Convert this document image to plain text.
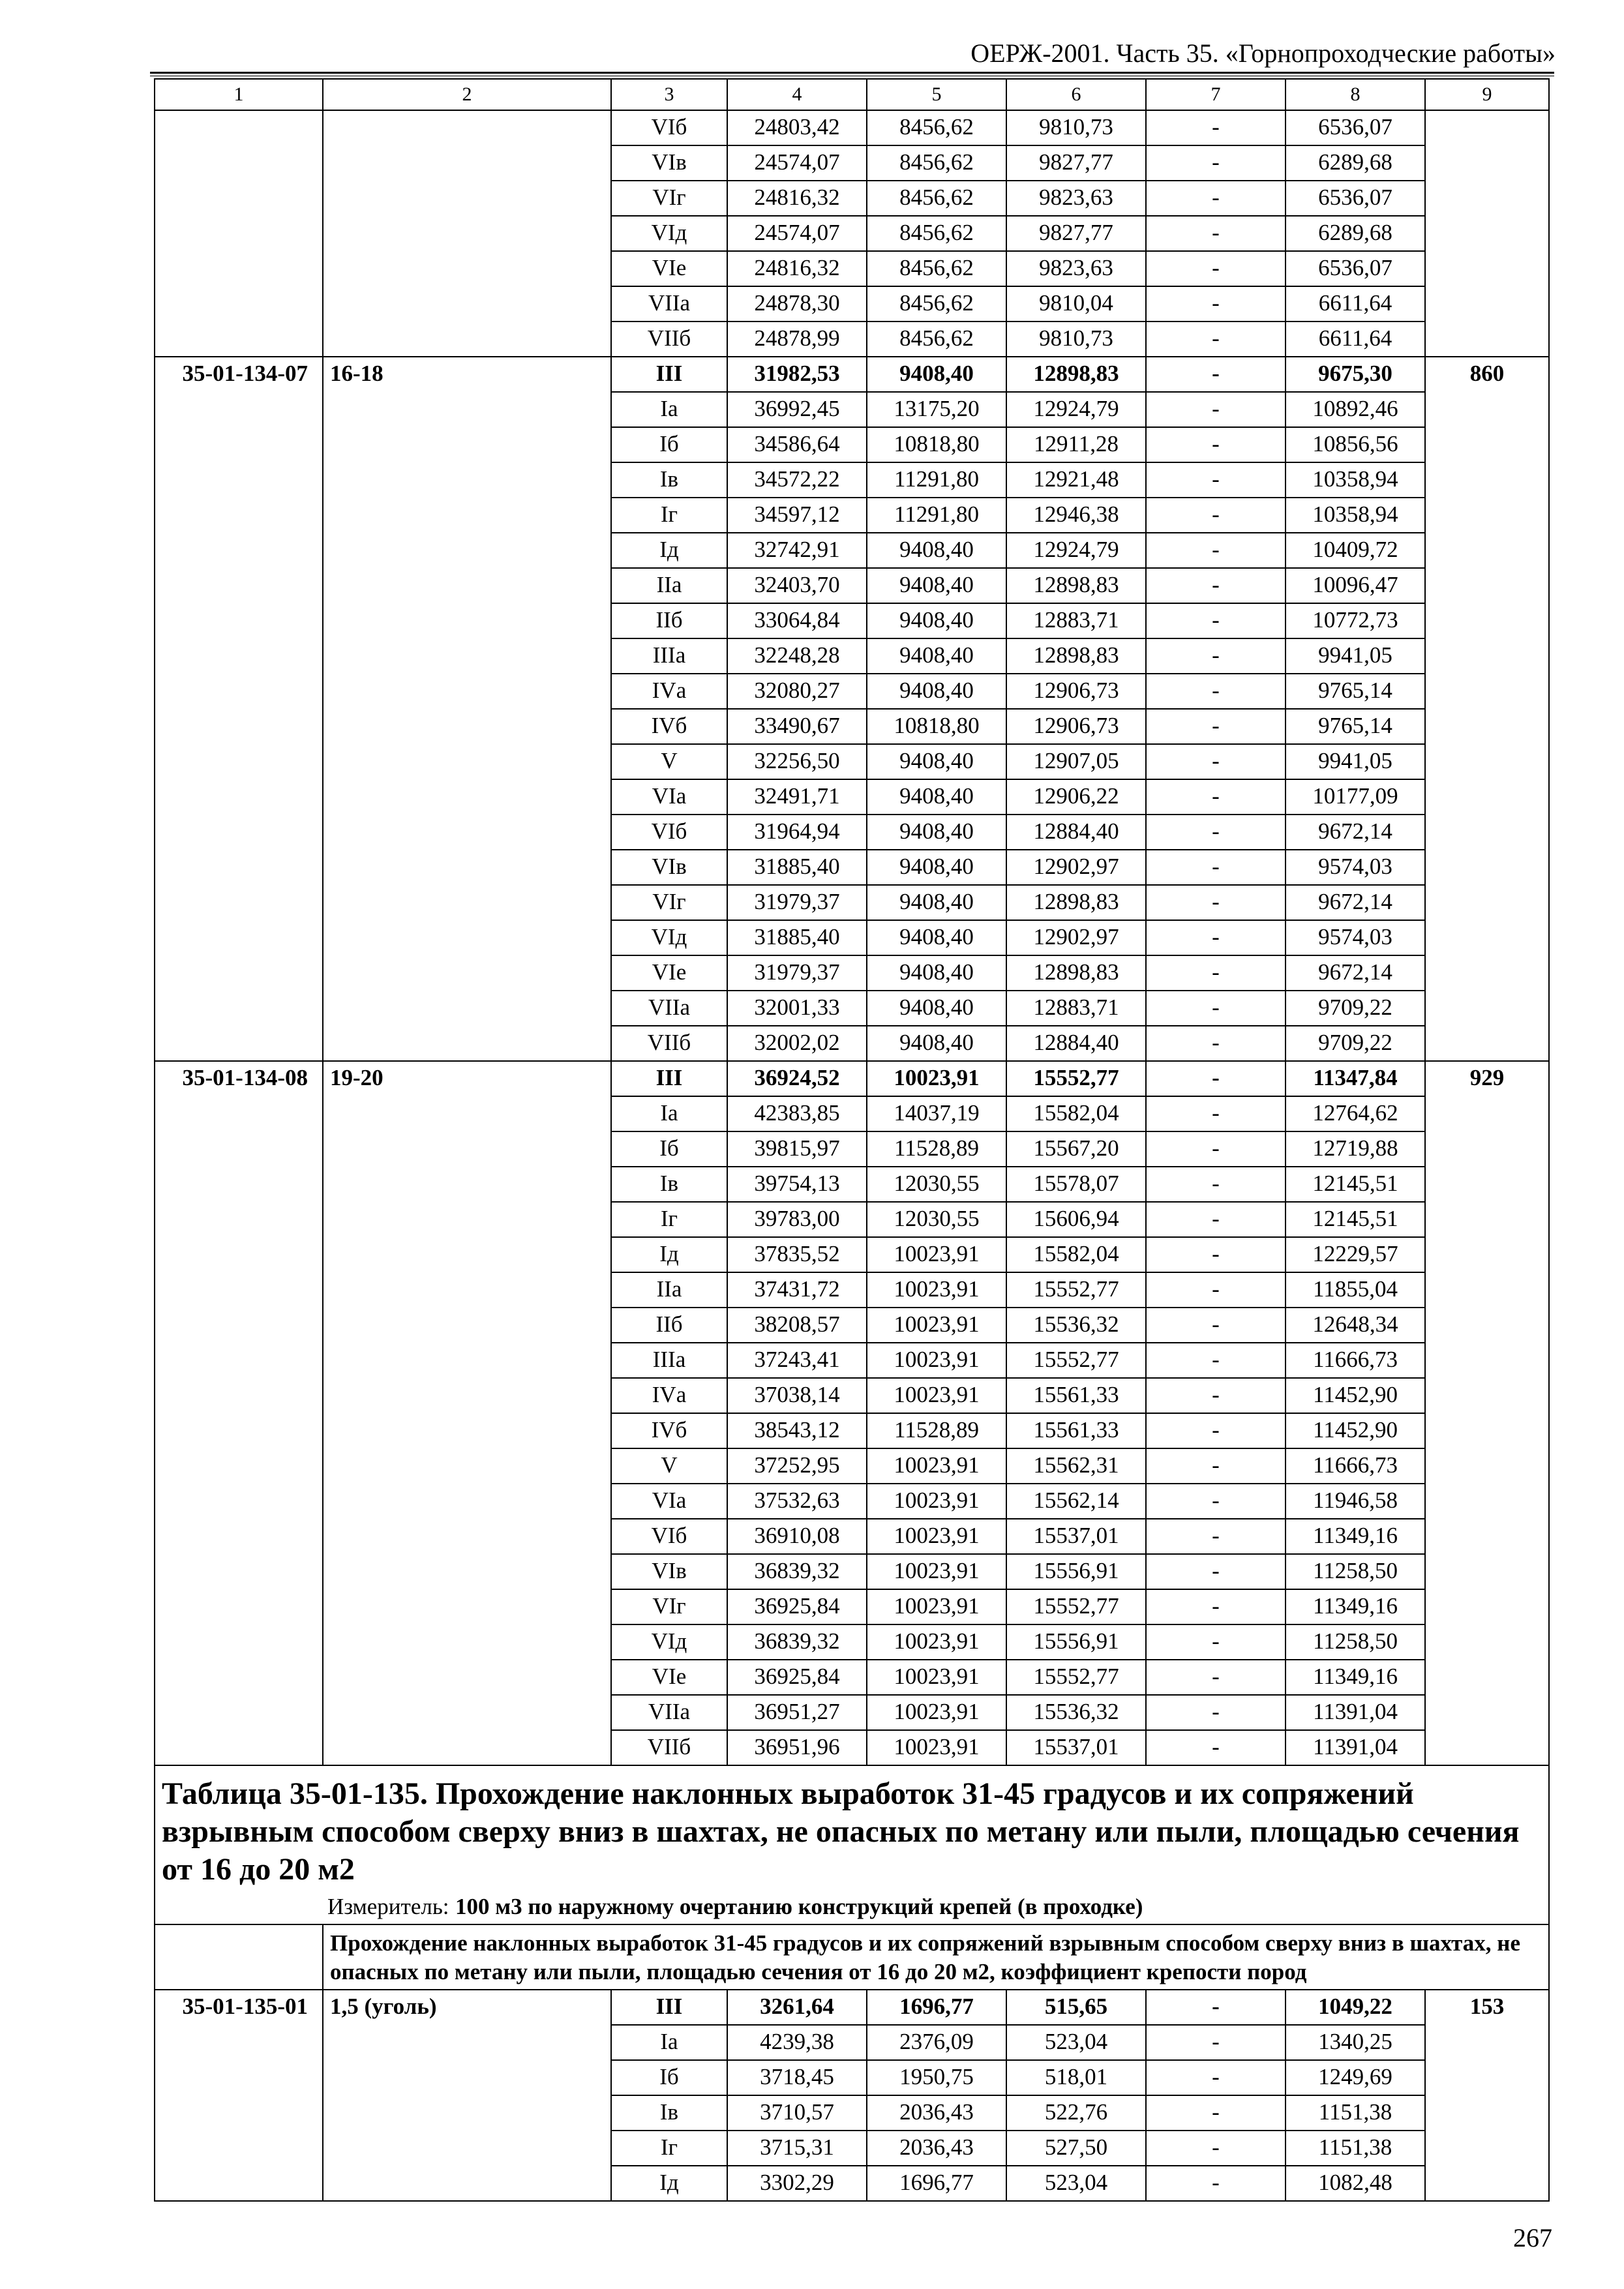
ОЕРЖ-2001. Часть 35. «Горнопроходческие работы»
1	2	3	4	5	6	7	8	9
		VIб	24803,42	8456,62	9810,73	-	6536,07	
		VIв	24574,07	8456,62	9827,77	-	6289,68	
		VIг	24816,32	8456,62	9823,63	-	6536,07	
		VIд	24574,07	8456,62	9827,77	-	6289,68	
		VIе	24816,32	8456,62	9823,63	-	6536,07	
		VIIа	24878,30	8456,62	9810,04	-	6611,64	
		VIIб	24878,99	8456,62	9810,73	-	6611,64	
35-01-134-07	16-18	III	31982,53	9408,40	12898,83	-	9675,30	860
		Iа	36992,45	13175,20	12924,79	-	10892,46	
		Iб	34586,64	10818,80	12911,28	-	10856,56	
		Iв	34572,22	11291,80	12921,48	-	10358,94	
		Iг	34597,12	11291,80	12946,38	-	10358,94	
		Iд	32742,91	9408,40	12924,79	-	10409,72	
		IIа	32403,70	9408,40	12898,83	-	10096,47	
		IIб	33064,84	9408,40	12883,71	-	10772,73	
		IIIа	32248,28	9408,40	12898,83	-	9941,05	
		IVа	32080,27	9408,40	12906,73	-	9765,14	
		IVб	33490,67	10818,80	12906,73	-	9765,14	
		V	32256,50	9408,40	12907,05	-	9941,05	
		VIа	32491,71	9408,40	12906,22	-	10177,09	
		VIб	31964,94	9408,40	12884,40	-	9672,14	
		VIв	31885,40	9408,40	12902,97	-	9574,03	
		VIг	31979,37	9408,40	12898,83	-	9672,14	
		VIд	31885,40	9408,40	12902,97	-	9574,03	
		VIе	31979,37	9408,40	12898,83	-	9672,14	
		VIIа	32001,33	9408,40	12883,71	-	9709,22	
		VIIб	32002,02	9408,40	12884,40	-	9709,22	
35-01-134-08	19-20	III	36924,52	10023,91	15552,77	-	11347,84	929
		Iа	42383,85	14037,19	15582,04	-	12764,62	
		Iб	39815,97	11528,89	15567,20	-	12719,88	
		Iв	39754,13	12030,55	15578,07	-	12145,51	
		Iг	39783,00	12030,55	15606,94	-	12145,51	
		Iд	37835,52	10023,91	15582,04	-	12229,57	
		IIа	37431,72	10023,91	15552,77	-	11855,04	
		IIб	38208,57	10023,91	15536,32	-	12648,34	
		IIIа	37243,41	10023,91	15552,77	-	11666,73	
		IVа	37038,14	10023,91	15561,33	-	11452,90	
		IVб	38543,12	11528,89	15561,33	-	11452,90	
		V	37252,95	10023,91	15562,31	-	11666,73	
		VIа	37532,63	10023,91	15562,14	-	11946,58	
		VIб	36910,08	10023,91	15537,01	-	11349,16	
		VIв	36839,32	10023,91	15556,91	-	11258,50	
		VIг	36925,84	10023,91	15552,77	-	11349,16	
		VIд	36839,32	10023,91	15556,91	-	11258,50	
		VIе	36925,84	10023,91	15552,77	-	11349,16	
		VIIа	36951,27	10023,91	15536,32	-	11391,04	
		VIIб	36951,96	10023,91	15537,01	-	11391,04	
Таблица 35-01-135. Прохождение наклонных выработок 31-45 градусов и их сопряжений взрывным способом сверху вниз в шахтах, не опасных по метану или пыли, площадью сечения от 16 до 20 м2								
Измеритель: 100 м3 по наружному очертанию конструкций крепей (в проходке)								
	Прохождение наклонных выработок 31-45 градусов и их сопряжений взрывным способом сверху вниз в шахтах, не опасных по метану или пыли, площадью сечения от 16 до 20 м2, коэффициент крепости пород							
35-01-135-01	1,5 (уголь)	III	3261,64	1696,77	515,65	-	1049,22	153
		Iа	4239,38	2376,09	523,04	-	1340,25	
		Iб	3718,45	1950,75	518,01	-	1249,69	
		Iв	3710,57	2036,43	522,76	-	1151,38	
		Iг	3715,31	2036,43	527,50	-	1151,38	
		Iд	3302,29	1696,77	523,04	-	1082,48	
267
